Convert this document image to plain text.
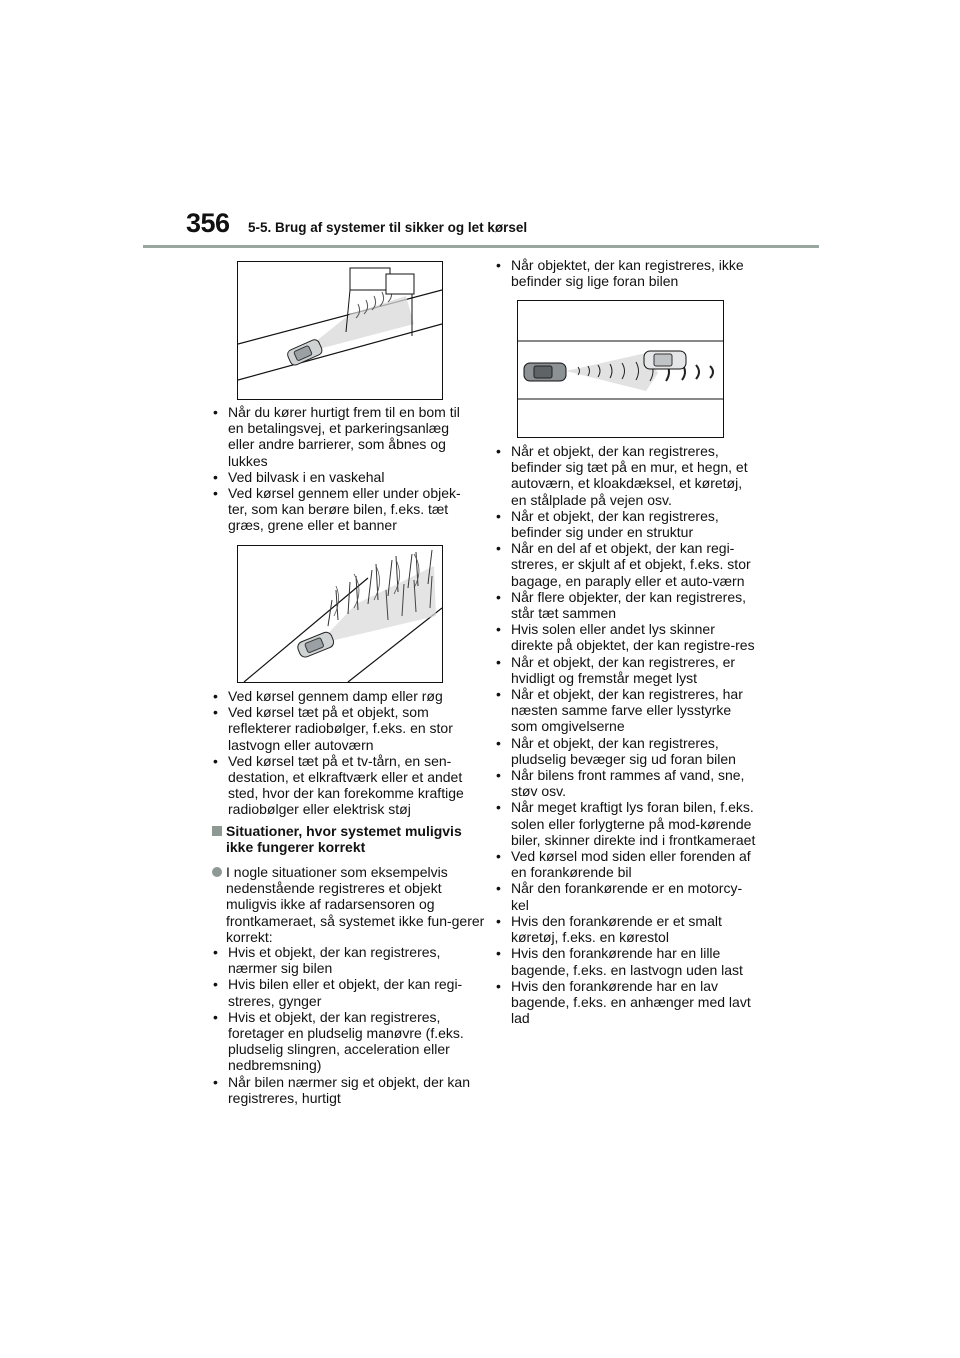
356 5-5. Brug af systemer til sikker og let kørsel
• Når du kører hurtigt frem til en bom til en betalingsvej, et parkeringsanlæg eller andre barrierer, som åbnes og lukkes
• Ved bilvask i en vaskehal
• Ved kørsel gennem eller under objek-ter, som kan berøre bilen, f.eks. tæt græs, grene eller et banner
• Ved kørsel gennem damp eller røg
• Ved kørsel tæt på et objekt, som reflekterer radiobølger, f.eks. en stor lastvogn eller autoværn
• Ved kørsel tæt på et tv-tårn, en sen-destation, et elkraftværk eller et andet sted, hvor der kan forekomme kraftige radiobølger eller elektrisk støj
Situationer, hvor systemet muligvis ikke fungerer korrekt
I nogle situationer som eksempelvis nedenstående registreres et objekt muligvis ikke af radarsensoren og frontkameraet, så systemet ikke fun-gerer korrekt:
• Hvis et objekt, der kan registreres, nærmer sig bilen
• Hvis bilen eller et objekt, der kan regi-streres, gynger
• Hvis et objekt, der kan registreres, foretager en pludselig manøvre (f.eks. pludselig slingren, acceleration eller nedbremsning)
• Når bilen nærmer sig et objekt, der kan registreres, hurtigt
• Når objektet, der kan registreres, ikke befinder sig lige foran bilen
• Når et objekt, der kan registreres, befinder sig tæt på en mur, et hegn, et autoværn, et kloakdæksel, et køretøj, en stålplade på vejen osv.
• Når et objekt, der kan registreres, befinder sig under en struktur
• Når en del af et objekt, der kan regi-streres, er skjult af et objekt, f.eks. stor bagage, en paraply eller et auto-værn
• Når flere objekter, der kan registreres, står tæt sammen
• Hvis solen eller andet lys skinner direkte på objektet, der kan registre-res
• Når et objekt, der kan registreres, er hvidligt og fremstår meget lyst
• Når et objekt, der kan registreres, har næsten samme farve eller lysstyrke som omgivelserne
• Når et objekt, der kan registreres, pludselig bevæger sig ud foran bilen
• Når bilens front rammes af vand, sne, støv osv.
• Når meget kraftigt lys foran bilen, f.eks. solen eller forlygterne på mod-kørende biler, skinner direkte ind i frontkameraet
• Ved kørsel mod siden eller forenden af en forankørende bil
• Når den forankørende er en motorcy-kel
• Hvis den forankørende er et smalt køretøj, f.eks. en kørestol
• Hvis den forankørende har en lille bagende, f.eks. en lastvogn uden last
• Hvis den forankørende har en lav bagende, f.eks. en anhænger med lavt lad
